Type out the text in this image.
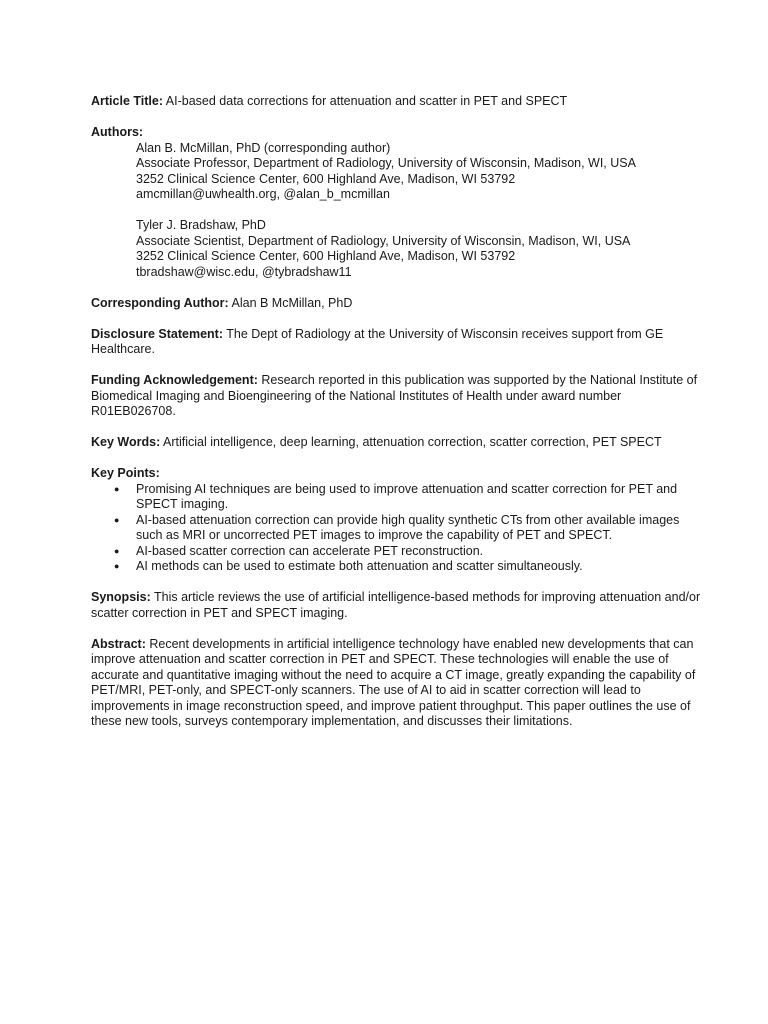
Article Title: AI-based data corrections for attenuation and scatter in PET and SPECT
Authors:
Alan B. McMillan, PhD (corresponding author)
Associate Professor, Department of Radiology, University of Wisconsin, Madison, WI, USA
3252 Clinical Science Center, 600 Highland Ave, Madison, WI 53792
amcmillan@uwhealth.org, @alan_b_mcmillan
Tyler J. Bradshaw, PhD
Associate Scientist, Department of Radiology, University of Wisconsin, Madison, WI, USA
3252 Clinical Science Center, 600 Highland Ave, Madison, WI 53792
tbradshaw@wisc.edu, @tybradshaw11
Corresponding Author: Alan B McMillan, PhD
Disclosure Statement: The Dept of Radiology at the University of Wisconsin receives support from GE Healthcare.
Funding Acknowledgement: Research reported in this publication was supported by the National Institute of Biomedical Imaging and Bioengineering of the National Institutes of Health under award number R01EB026708.
Key Words: Artificial intelligence, deep learning, attenuation correction, scatter correction, PET SPECT
Key Points:
● Promising AI techniques are being used to improve attenuation and scatter correction for PET and SPECT imaging.
● AI-based attenuation correction can provide high quality synthetic CTs from other available images such as MRI or uncorrected PET images to improve the capability of PET and SPECT.
● AI-based scatter correction can accelerate PET reconstruction.
● AI methods can be used to estimate both attenuation and scatter simultaneously.
Synopsis: This article reviews the use of artificial intelligence-based methods for improving attenuation and/or scatter correction in PET and SPECT imaging.
Abstract: Recent developments in artificial intelligence technology have enabled new developments that can improve attenuation and scatter correction in PET and SPECT. These technologies will enable the use of accurate and quantitative imaging without the need to acquire a CT image, greatly expanding the capability of PET/MRI, PET-only, and SPECT-only scanners. The use of AI to aid in scatter correction will lead to improvements in image reconstruction speed, and improve patient throughput. This paper outlines the use of these new tools, surveys contemporary implementation, and discusses their limitations.
